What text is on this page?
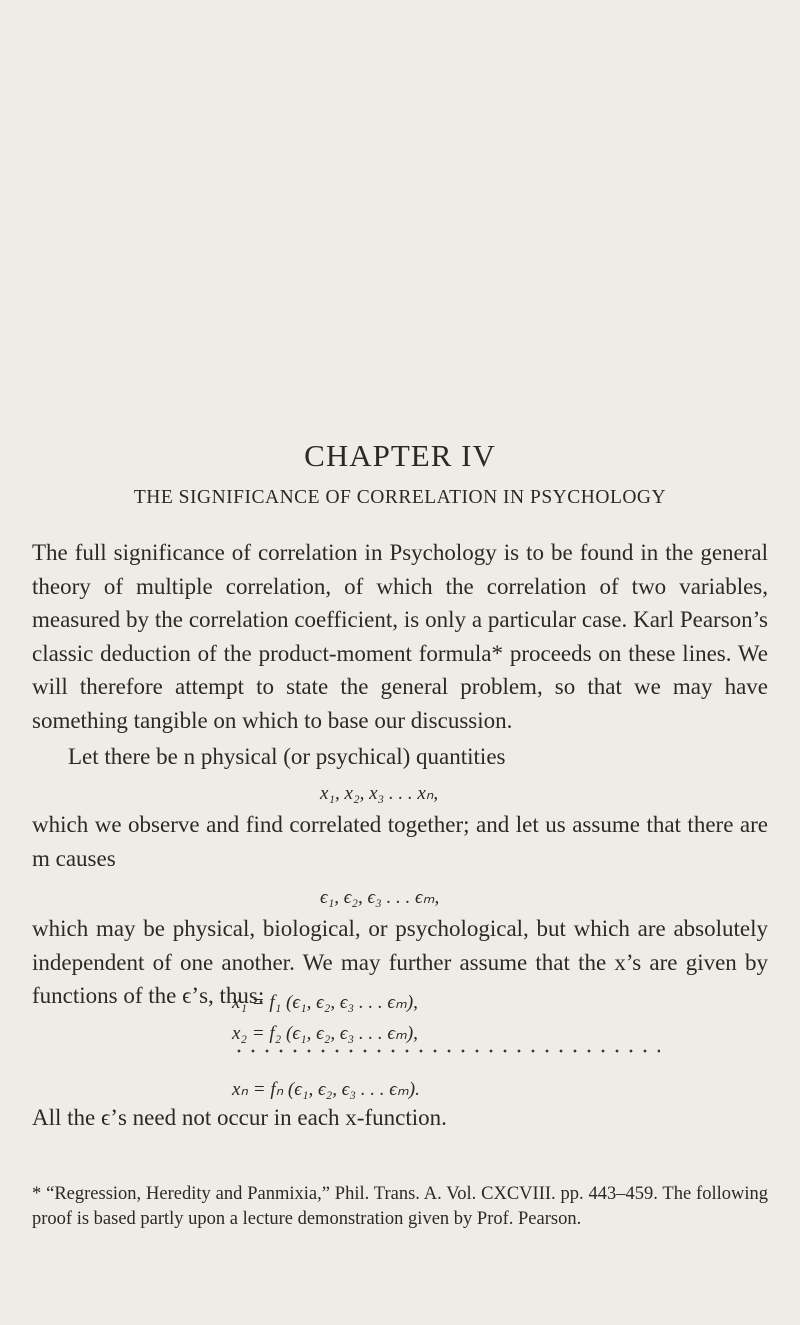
CHAPTER IV
THE SIGNIFICANCE OF CORRELATION IN PSYCHOLOGY
The full significance of correlation in Psychology is to be found in the general theory of multiple correlation, of which the correlation of two variables, measured by the correlation coefficient, is only a particular case. Karl Pearson’s classic deduction of the product-moment formula* proceeds on these lines. We will therefore attempt to state the general problem, so that we may have something tangible on which to base our discussion.
Let there be n physical (or psychical) quantities
x₁, x₂, x₃ . . . xₙ,
which we observe and find correlated together; and let us assume that there are m causes
ϵ₁, ϵ₂, ϵ₃ . . . ϵₘ,
which may be physical, biological, or psychological, but which are absolutely independent of one another. We may further assume that the x’s are given by functions of the ϵ’s, thus:
x₁ = f₁ (ϵ₁, ϵ₂, ϵ₃ . . . ϵₘ),
x₂ = f₂ (ϵ₁, ϵ₂, ϵ₃ . . . ϵₘ),
xₙ = fₙ (ϵ₁, ϵ₂, ϵ₃ . . . ϵₘ).
All the ϵ’s need not occur in each x-function.
* “Regression, Heredity and Panmixia,” Phil. Trans. A. Vol. CXCVIII. pp. 443–459. The following proof is based partly upon a lecture demonstration given by Prof. Pearson.
